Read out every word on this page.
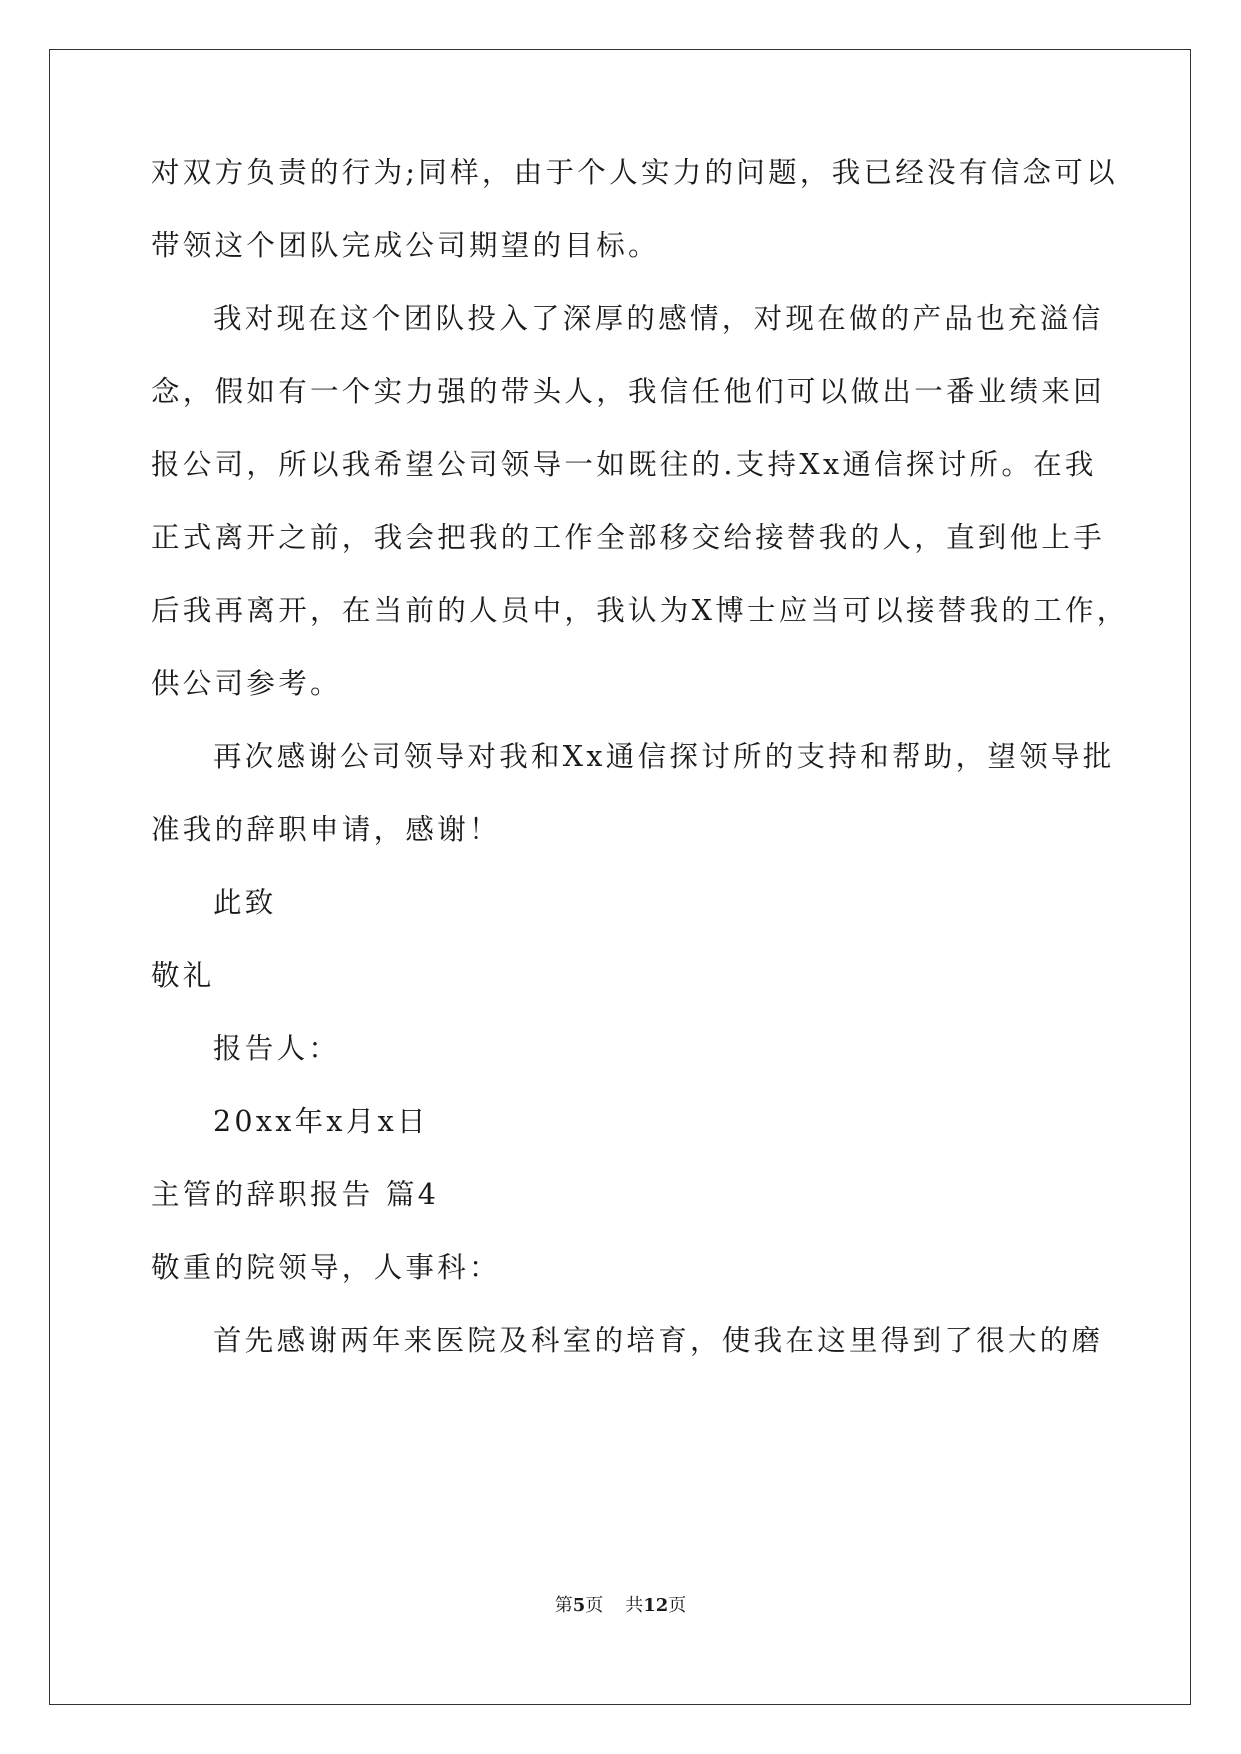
对双方负责的行为;同样，由于个人实力的问题，我已经没有信念可以
带领这个团队完成公司期望的目标。
我对现在这个团队投入了深厚的感情，对现在做的产品也充溢信
念，假如有一个实力强的带头人，我信任他们可以做出一番业绩来回
报公司，所以我希望公司领导一如既往的.支持Xx通信探讨所。在我
正式离开之前，我会把我的工作全部移交给接替我的人，直到他上手
后我再离开，在当前的人员中，我认为X博士应当可以接替我的工作，
供公司参考。
再次感谢公司领导对我和Xx通信探讨所的支持和帮助，望领导批
准我的辞职申请，感谢！
此致
敬礼
报告人：
20xx年x月x日
主管的辞职报告 篇4
敬重的院领导，人事科：
首先感谢两年来医院及科室的培育，使我在这里得到了很大的磨
第5页 共12页
